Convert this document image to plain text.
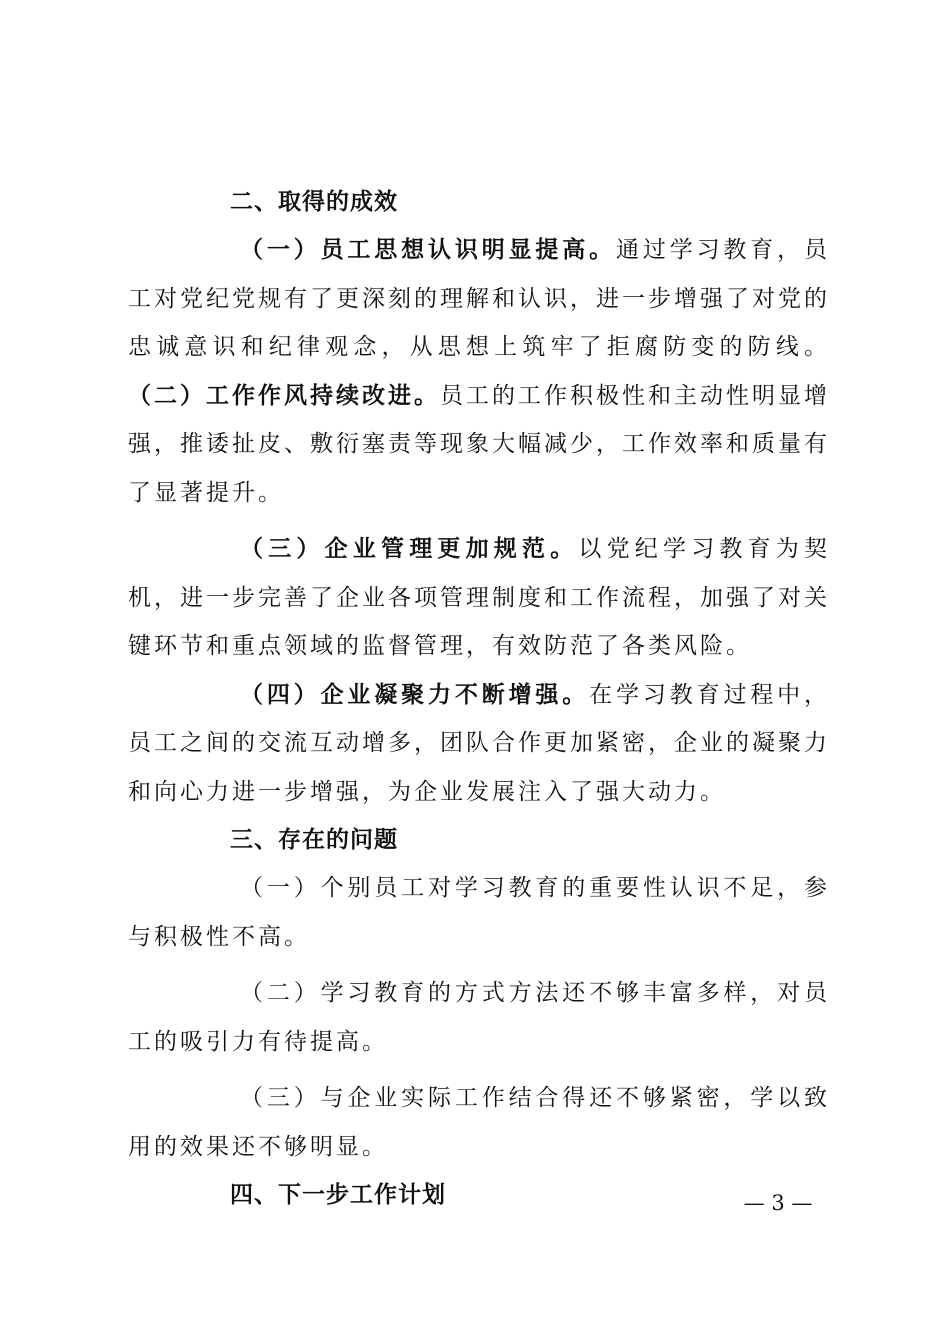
二、取得的成效

（一）员工思想认识明显提高。通过学习教育，员工对党纪党规有了更深刻的理解和认识，进一步增强了对党的忠诚意识和纪律观念，从思想上筑牢了拒腐防变的防线。（二）工作作风持续改进。员工的工作积极性和主动性明显增强，推诿扯皮、敷衍塞责等现象大幅减少，工作效率和质量有了显著提升。

（三）企业管理更加规范。以党纪学习教育为契机，进一步完善了企业各项管理制度和工作流程，加强了对关键环节和重点领域的监督管理，有效防范了各类风险。

（四）企业凝聚力不断增强。在学习教育过程中，员工之间的交流互动增多，团队合作更加紧密，企业的凝聚力和向心力进一步增强，为企业发展注入了强大动力。

三、存在的问题

（一）个别员工对学习教育的重要性认识不足，参与积极性不高。

（二）学习教育的方式方法还不够丰富多样，对员工的吸引力有待提高。

（三）与企业实际工作结合得还不够紧密，学以致用的效果还不够明显。

四、下一步工作计划	— 3 —
